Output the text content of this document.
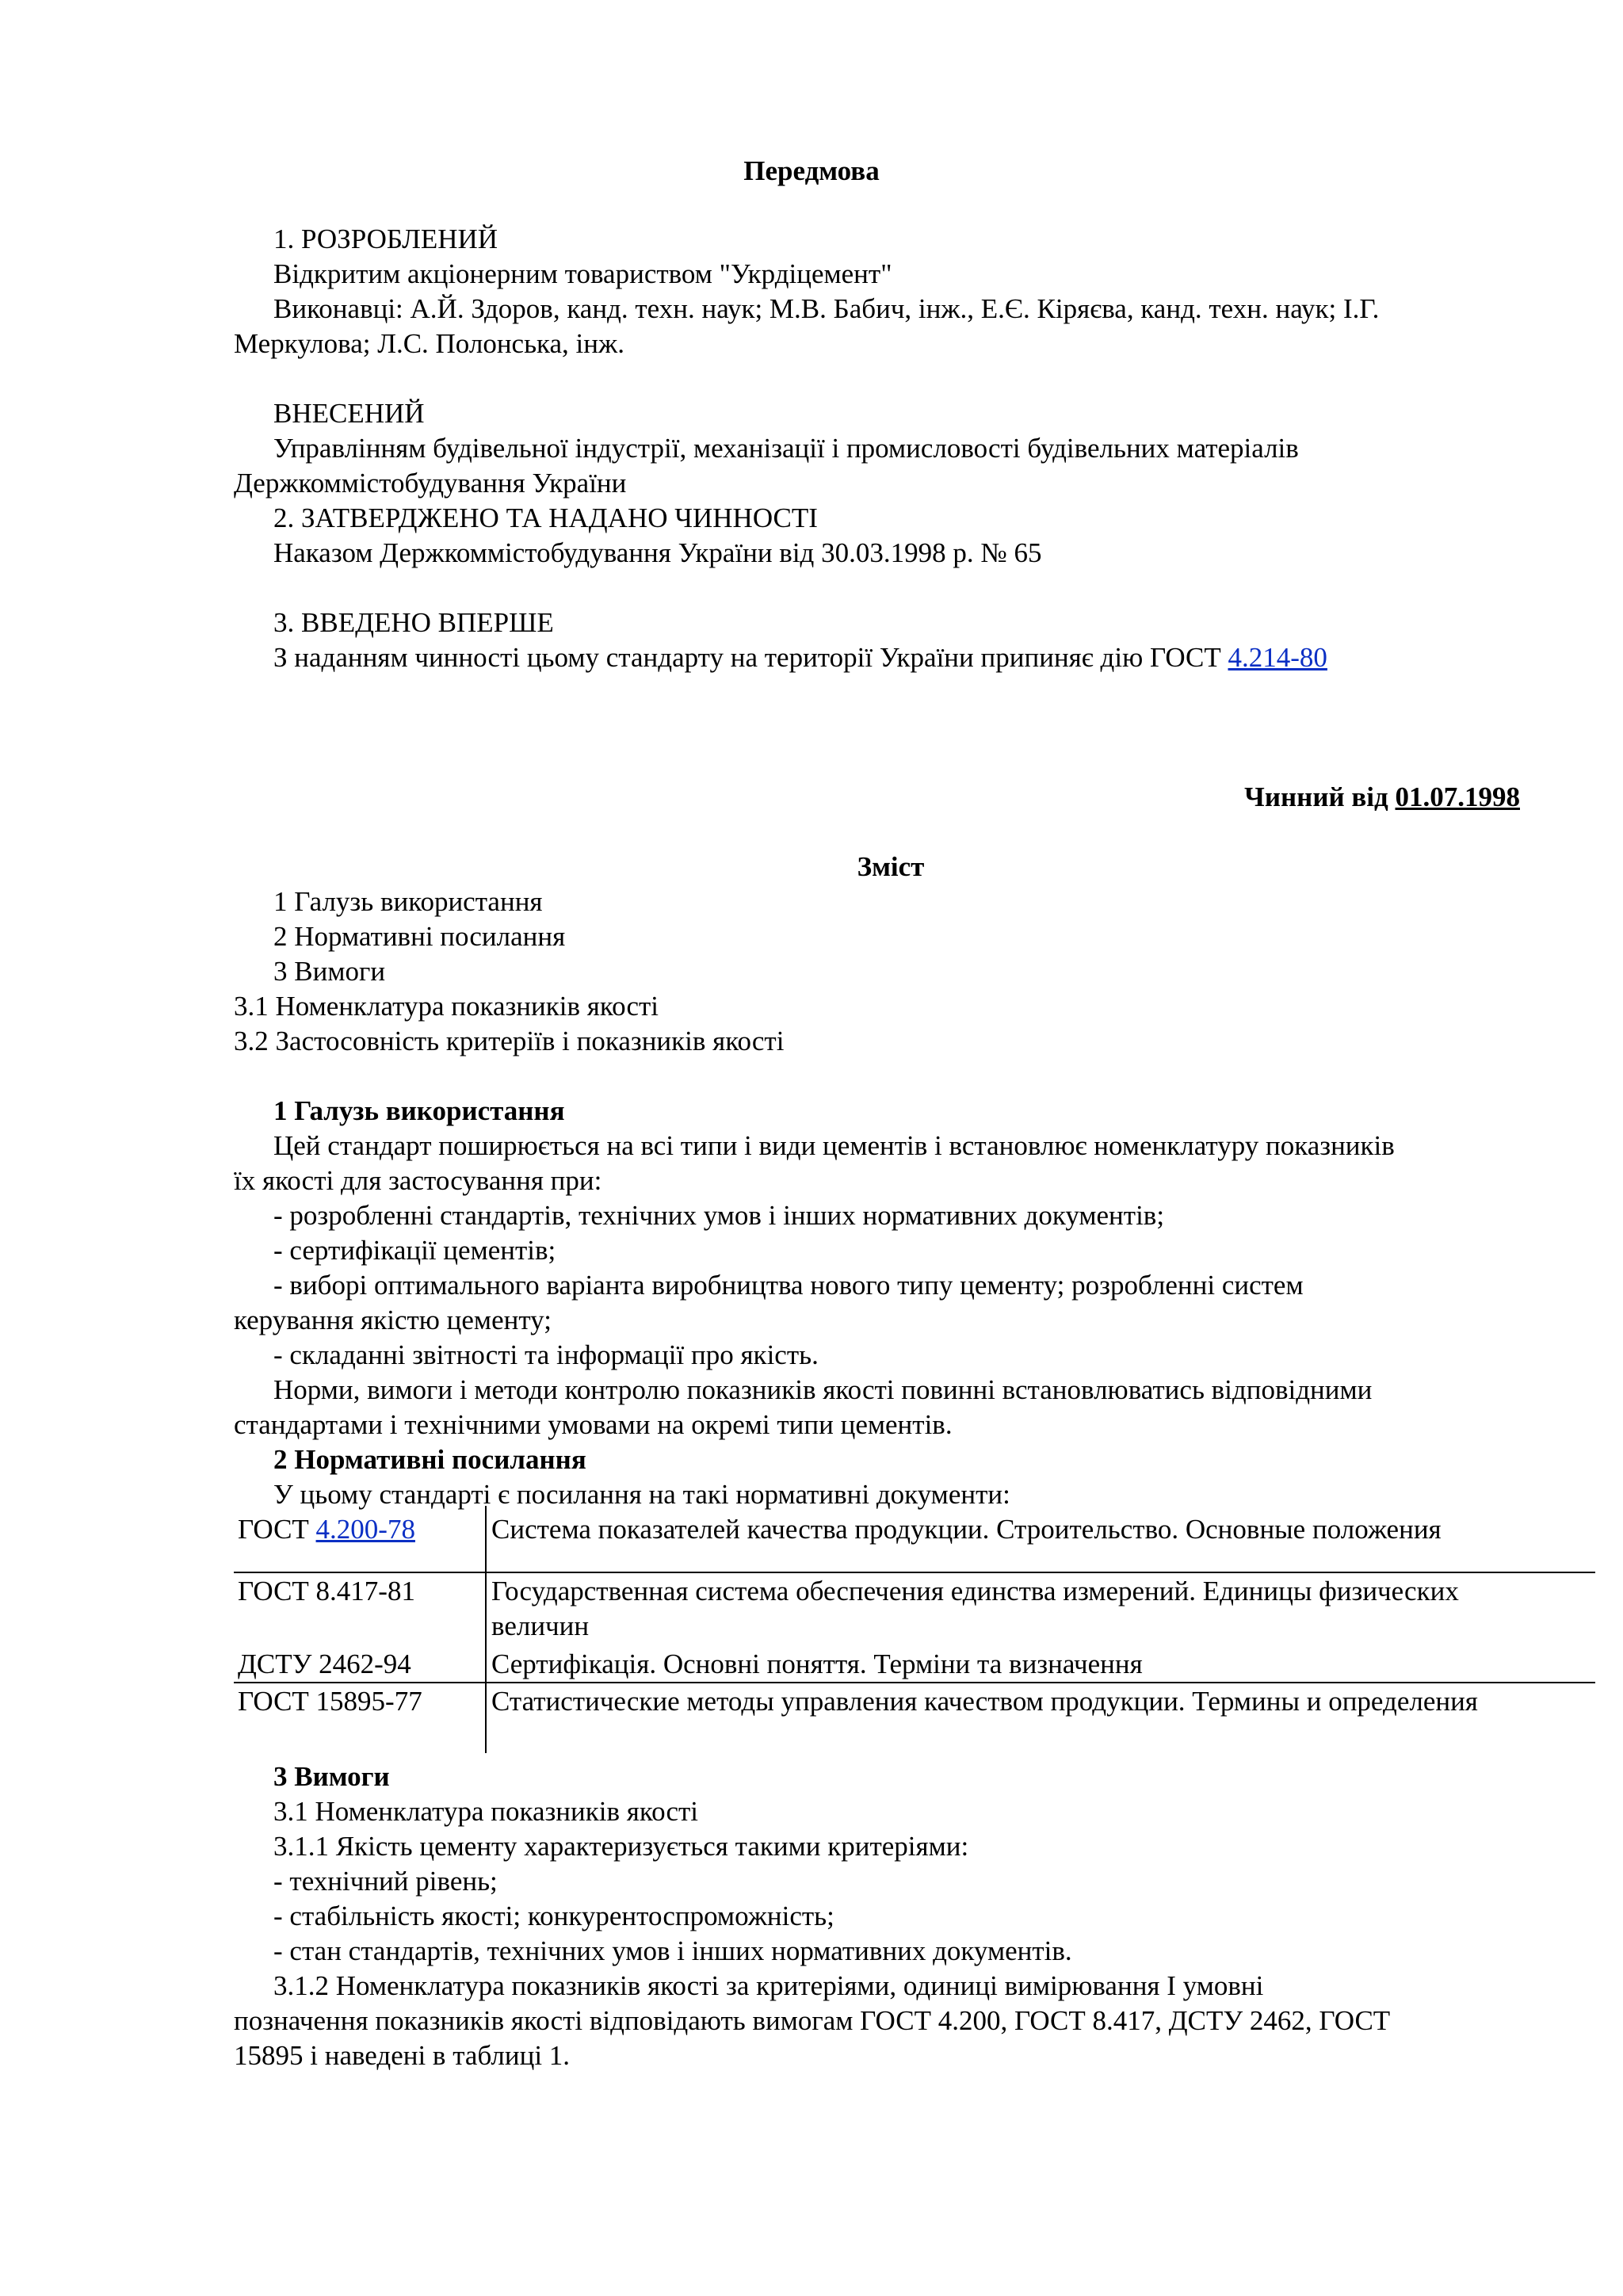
Передмова
1. РОЗРОБЛЕНИЙ
Відкритим акціонерним товариством "Укрдіцемент"
Виконавці: А.Й. Здоров, канд. техн. наук; М.В. Бабич, інж., Е.Є. Кіряєва, канд. техн. наук; І.Г.
Меркулова; Л.С. Полонська, інж.
ВНЕСЕНИЙ
Управлінням будівельної індустрії, механізації і промисловості будівельних матеріалів
Держкоммістобудування України
2. ЗАТВЕРДЖЕНО ТА НАДАНО ЧИННОСТІ
Наказом Держкоммістобудування України від 30.03.1998 р. № 65
3. ВВЕДЕНО ВПЕРШЕ
З наданням чинності цьому стандарту на території України припиняє дію ГОСТ 4.214-80
Чинний від 01.07.1998
Зміст
1 Галузь використання
2 Нормативні посилання
3 Вимоги
3.1 Номенклатура показників якості
3.2 Застосовність критеріїв і показників якості
1 Галузь використання
Цей стандарт поширюється на всі типи і види цементів і встановлює номенклатуру показників
їх якості для застосування при:
- розробленні стандартів, технічних умов і інших нормативних документів;
- сертифікації цементів;
- виборі оптимального варіанта виробництва нового типу цементу; розробленні систем
керування якістю цементу;
- складанні звітності та інформації про якість.
Норми, вимоги і методи контролю показників якості повинні встановлюватись відповідними
стандартами і технічними умовами на окремі типи цементів.
2 Нормативні посилання
У цьому стандарті є посилання на такі нормативні документи:
ГОСТ 4.200-78	Система показателей качества продукции. Строительство. Основные положения
ГОСТ 8.417-81	Государственная система обеспечения единства измерений. Единицы физических
величин
ДСТУ 2462-94	Сертифікація. Основні поняття. Терміни та визначення
ГОСТ 15895-77 Статистические методы управления качеством продукции. Термины и определения
3 Вимоги
3.1 Номенклатура показників якості
3.1.1 Якість цементу характеризується такими критеріями:
- технічний рівень;
- стабільність якості; конкурентоспроможність;
- стан стандартів, технічних умов і інших нормативних документів.
3.1.2 Номенклатура показників якості за критеріями, одиниці вимірювання І умовні
позначення показників якості відповідають вимогам ГОСТ 4.200, ГОСТ 8.417, ДСТУ 2462, ГОСТ
15895 і наведені в таблиці 1.
